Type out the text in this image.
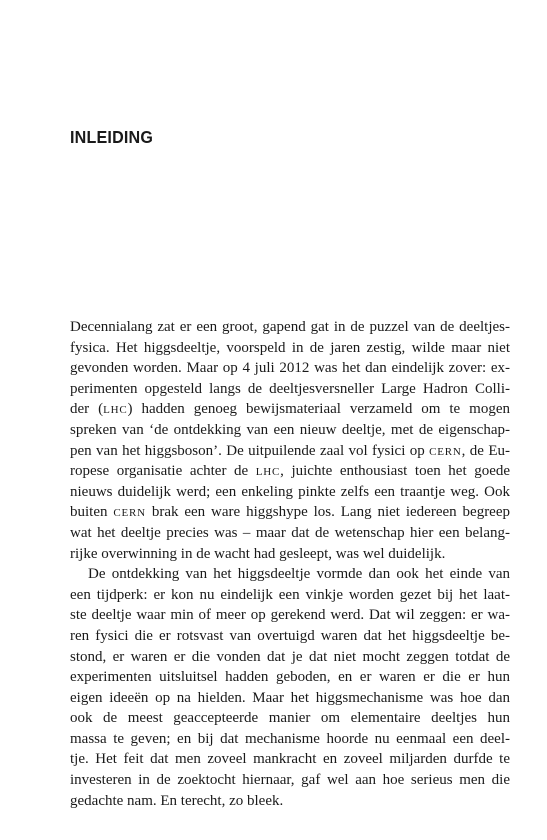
INLEIDING
Decennialang zat er een groot, gapend gat in de puzzel van de deeltjes-
fysica. Het higgsdeeltje, voorspeld in de jaren zestig, wilde maar niet
gevonden worden. Maar op 4 juli 2012 was het dan eindelijk zover: ex-
perimenten opgesteld langs de deeltjesversneller Large Hadron Colli-
der (LHC) hadden genoeg bewijsmateriaal verzameld om te mogen
spreken van ‘de ontdekking van een nieuw deeltje, met de eigenschap-
pen van het higgsboson’. De uitpuilende zaal vol fysici op CERN, de Eu-
ropese organisatie achter de LHC, juichte enthousiast toen het goede
nieuws duidelijk werd; een enkeling pinkte zelfs een traantje weg. Ook
buiten CERN brak een ware higgshype los. Lang niet iedereen begreep
wat het deeltje precies was – maar dat de wetenschap hier een belang-
rijke overwinning in de wacht had gesleept, was wel duidelijk.
De ontdekking van het higgsdeeltje vormde dan ook het einde van
een tijdperk: er kon nu eindelijk een vinkje worden gezet bij het laat-
ste deeltje waar min of meer op gerekend werd. Dat wil zeggen: er wa-
ren fysici die er rotsvast van overtuigd waren dat het higgsdeeltje be-
stond, er waren er die vonden dat je dat niet mocht zeggen totdat de
experimenten uitsluitsel hadden geboden, en er waren er die er hun
eigen ideeën op na hielden. Maar het higgsmechanisme was hoe dan
ook de meest geaccepteerde manier om elementaire deeltjes hun
massa te geven; en bij dat mechanisme hoorde nu eenmaal een deel-
tje. Het feit dat men zoveel mankracht en zoveel miljarden durfde te
investeren in de zoektocht hiernaar, gaf wel aan hoe serieus men die
gedachte nam. En terecht, zo bleek.
